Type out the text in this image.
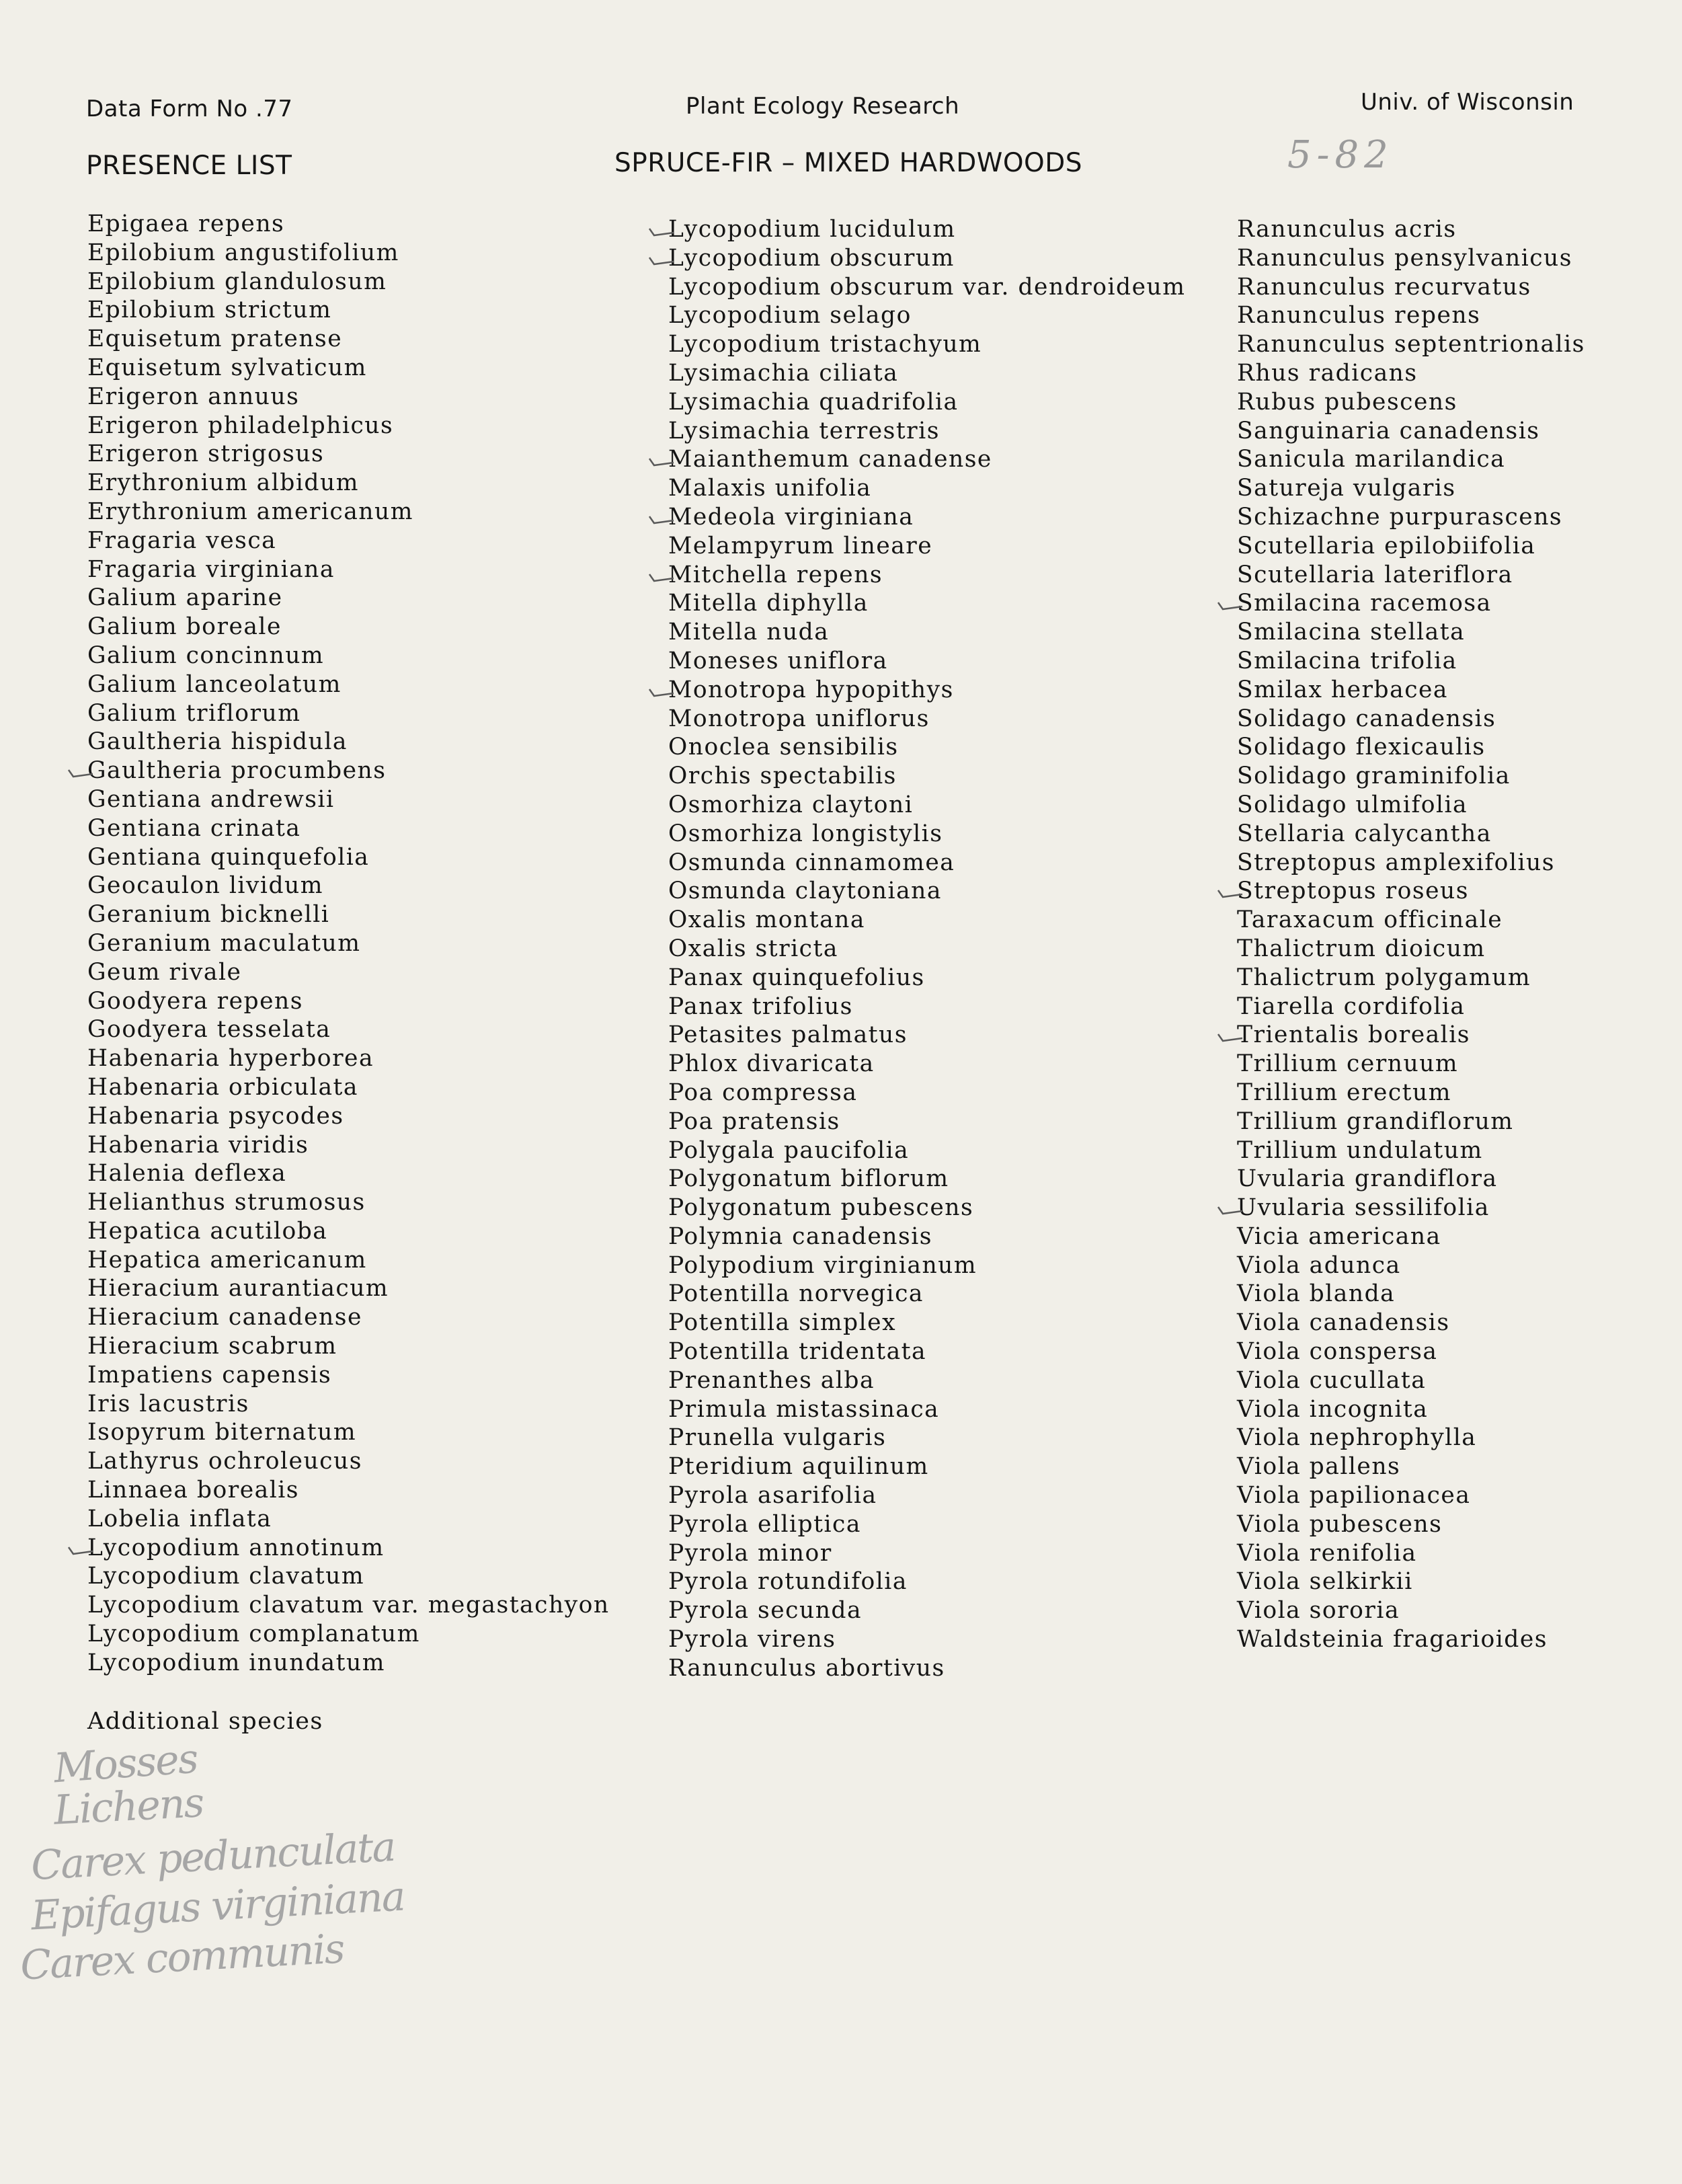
Data Form No .77	Plant Ecology Research	Univ. of Wisconsin
PRESENCE LIST	SPRUCE-FIR – MIXED HARDWOODS	5-82
Epigaea repens
Epilobium angustifolium
Epilobium glandulosum
Epilobium strictum
Equisetum pratense
Equisetum sylvaticum
Erigeron annuus
Erigeron philadelphicus
Erigeron strigosus
Erythronium albidum
Erythronium americanum
Fragaria vesca
Fragaria virginiana
Galium aparine
Galium boreale
Galium concinnum
Galium lanceolatum
Galium triflorum
Gaultheria hispidula
Gaultheria procumbens
Gentiana andrewsii
Gentiana crinata
Gentiana quinquefolia
Geocaulon lividum
Geranium bicknelli
Geranium maculatum
Geum rivale
Goodyera repens
Goodyera tesselata
Habenaria hyperborea
Habenaria orbiculata
Habenaria psycodes
Habenaria viridis
Halenia deflexa
Helianthus strumosus
Hepatica acutiloba
Hepatica americanum
Hieracium aurantiacum
Hieracium canadense
Hieracium scabrum
Impatiens capensis
Iris lacustris
Isopyrum biternatum
Lathyrus ochroleucus
Linnaea borealis
Lobelia inflata
Lycopodium annotinum
Lycopodium clavatum
Lycopodium clavatum var. megastachyon
Lycopodium complanatum
Lycopodium inundatum
Lycopodium lucidulum
Lycopodium obscurum
Lycopodium obscurum var. dendroideum
Lycopodium selago
Lycopodium tristachyum
Lysimachia ciliata
Lysimachia quadrifolia
Lysimachia terrestris
Maianthemum canadense
Malaxis unifolia
Medeola virginiana
Melampyrum lineare
Mitchella repens
Mitella diphylla
Mitella nuda
Moneses uniflora
Monotropa hypopithys
Monotropa uniflorus
Onoclea sensibilis
Orchis spectabilis
Osmorhiza claytoni
Osmorhiza longistylis
Osmunda cinnamomea
Osmunda claytoniana
Oxalis montana
Oxalis stricta
Panax quinquefolius
Panax trifolius
Petasites palmatus
Phlox divaricata
Poa compressa
Poa pratensis
Polygala paucifolia
Polygonatum biflorum
Polygonatum pubescens
Polymnia canadensis
Polypodium virginianum
Potentilla norvegica
Potentilla simplex
Potentilla tridentata
Prenanthes alba
Primula mistassinaca
Prunella vulgaris
Pteridium aquilinum
Pyrola asarifolia
Pyrola elliptica
Pyrola minor
Pyrola rotundifolia
Pyrola secunda
Pyrola virens
Ranunculus abortivus
Ranunculus acris
Ranunculus pensylvanicus
Ranunculus recurvatus
Ranunculus repens
Ranunculus septentrionalis
Rhus radicans
Rubus pubescens
Sanguinaria canadensis
Sanicula marilandica
Satureja vulgaris
Schizachne purpurascens
Scutellaria epilobiifolia
Scutellaria lateriflora
Smilacina racemosa
Smilacina stellata
Smilacina trifolia
Smilax herbacea
Solidago canadensis
Solidago flexicaulis
Solidago graminifolia
Solidago ulmifolia
Stellaria calycantha
Streptopus amplexifolius
Streptopus roseus
Taraxacum officinale
Thalictrum dioicum
Thalictrum polygamum
Tiarella cordifolia
Trientalis borealis
Trillium cernuum
Trillium erectum
Trillium grandiflorum
Trillium undulatum
Uvularia grandiflora
Uvularia sessilifolia
Vicia americana
Viola adunca
Viola blanda
Viola canadensis
Viola conspersa
Viola cucullata
Viola incognita
Viola nephrophylla
Viola pallens
Viola papilionacea
Viola pubescens
Viola renifolia
Viola selkirkii
Viola sororia
Waldsteinia fragarioides
Additional species
Mosses
Lichens
Carex pedunculata
Epifagus virginiana
Carex communis
